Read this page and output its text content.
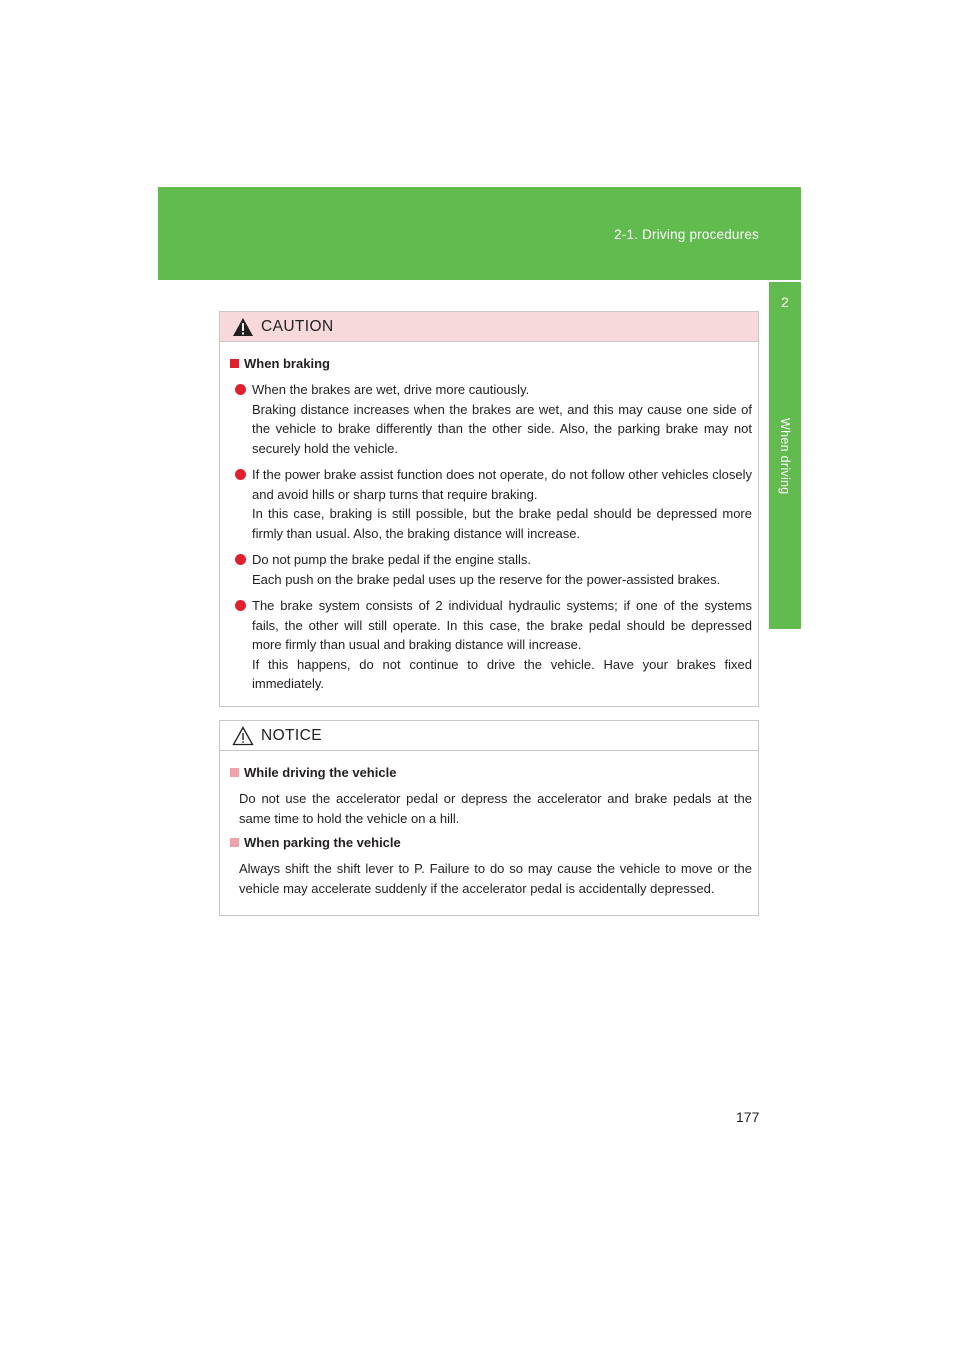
2-1. Driving procedures
2
When driving
CAUTION
When braking
When the brakes are wet, drive more cautiously.
Braking distance increases when the brakes are wet, and this may cause one side of the vehicle to brake differently than the other side. Also, the parking brake may not securely hold the vehicle.
If the power brake assist function does not operate, do not follow other vehicles closely and avoid hills or sharp turns that require braking.
In this case, braking is still possible, but the brake pedal should be depressed more firmly than usual. Also, the braking distance will increase.
Do not pump the brake pedal if the engine stalls.
Each push on the brake pedal uses up the reserve for the power-assisted brakes.
The brake system consists of 2 individual hydraulic systems; if one of the systems fails, the other will still operate. In this case, the brake pedal should be depressed more firmly than usual and braking distance will increase.
If this happens, do not continue to drive the vehicle. Have your brakes fixed immediately.
NOTICE
While driving the vehicle
Do not use the accelerator pedal or depress the accelerator and brake pedals at the same time to hold the vehicle on a hill.
When parking the vehicle
Always shift the shift lever to P. Failure to do so may cause the vehicle to move or the vehicle may accelerate suddenly if the accelerator pedal is accidentally depressed.
177
